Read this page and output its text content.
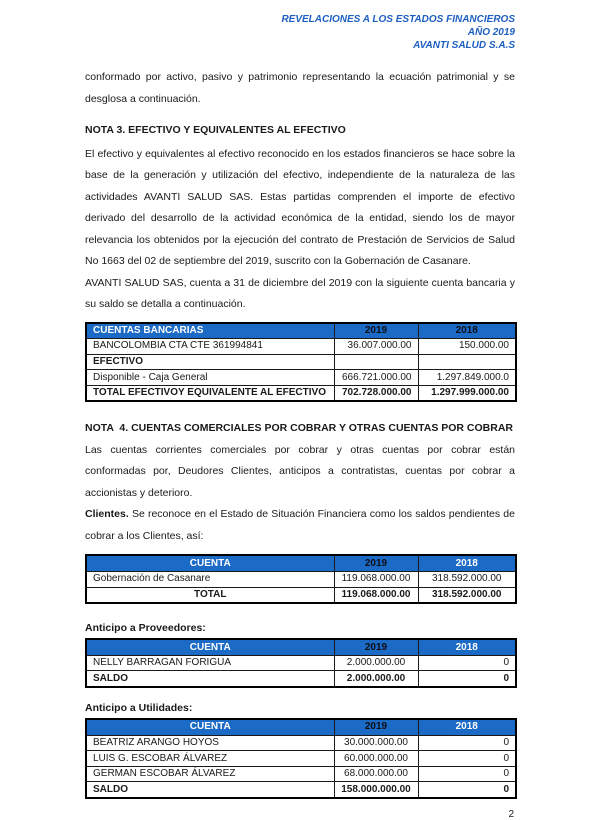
REVELACIONES A LOS ESTADOS FINANCIEROS
AÑO 2019
AVANTI SALUD S.A.S

conformado por activo, pasivo y patrimonio representando la ecuación patrimonial y se desglosa a continuación.

NOTA 3. EFECTIVO Y EQUIVALENTES AL EFECTIVO

El efectivo y equivalentes al efectivo reconocido en los estados financieros se hace sobre la base de la generación y utilización del efectivo, independiente de la naturaleza de las actividades AVANTI SALUD SAS. Estas partidas comprenden el importe de efectivo derivado del desarrollo de la actividad económica de la entidad, siendo los de mayor relevancia los obtenidos por la ejecución del contrato de Prestación de Servicios de Salud No 1663 del 02 de septiembre del 2019, suscrito con la Gobernación de Casanare.

AVANTI SALUD SAS, cuenta a 31 de diciembre del 2019 con la siguiente cuenta bancaria y su saldo se detalla a continuación.

CUENTAS BANCARIAS	2019	2018
BANCOLOMBIA CTA CTE 361994841	36.007.000.00	150.000.00
EFECTIVO		
Disponible - Caja General	666.721.000.00	1.297.849.000.0
TOTAL EFECTIVOY EQUIVALENTE AL EFECTIVO	702.728.000.00	1.297.999.000.00
NOTA  4. CUENTAS COMERCIALES POR COBRAR Y OTRAS CUENTAS POR COBRAR

Las cuentas corrientes comerciales por cobrar y otras cuentas por cobrar están conformadas por, Deudores Clientes, anticipos a contratistas, cuentas por cobrar a accionistas y deterioro.

Clientes. Se reconoce en el Estado de Situación Financiera como los saldos pendientes de cobrar a los Clientes, así:

CUENTA	2019	2018
Gobernación de Casanare	119.068.000.00	318.592.000.00
TOTAL	119.068.000.00	318.592.000.00
Anticipo a Proveedores:
CUENTA	2019	2018
NELLY BARRAGAN FORIGUA	2.000.000.00	0
SALDO	2.000.000.00	0
Anticipo a Utilidades:
CUENTA	2019	2018
BEATRIZ ARANGO HOYOS	30.000.000.00	0
LUIS G. ESCOBAR ÁLVAREZ	60.000.000.00	0
GERMAN ESCOBAR ÁLVAREZ	68.000.000.00	0
SALDO	158.000.000.00	0
2
